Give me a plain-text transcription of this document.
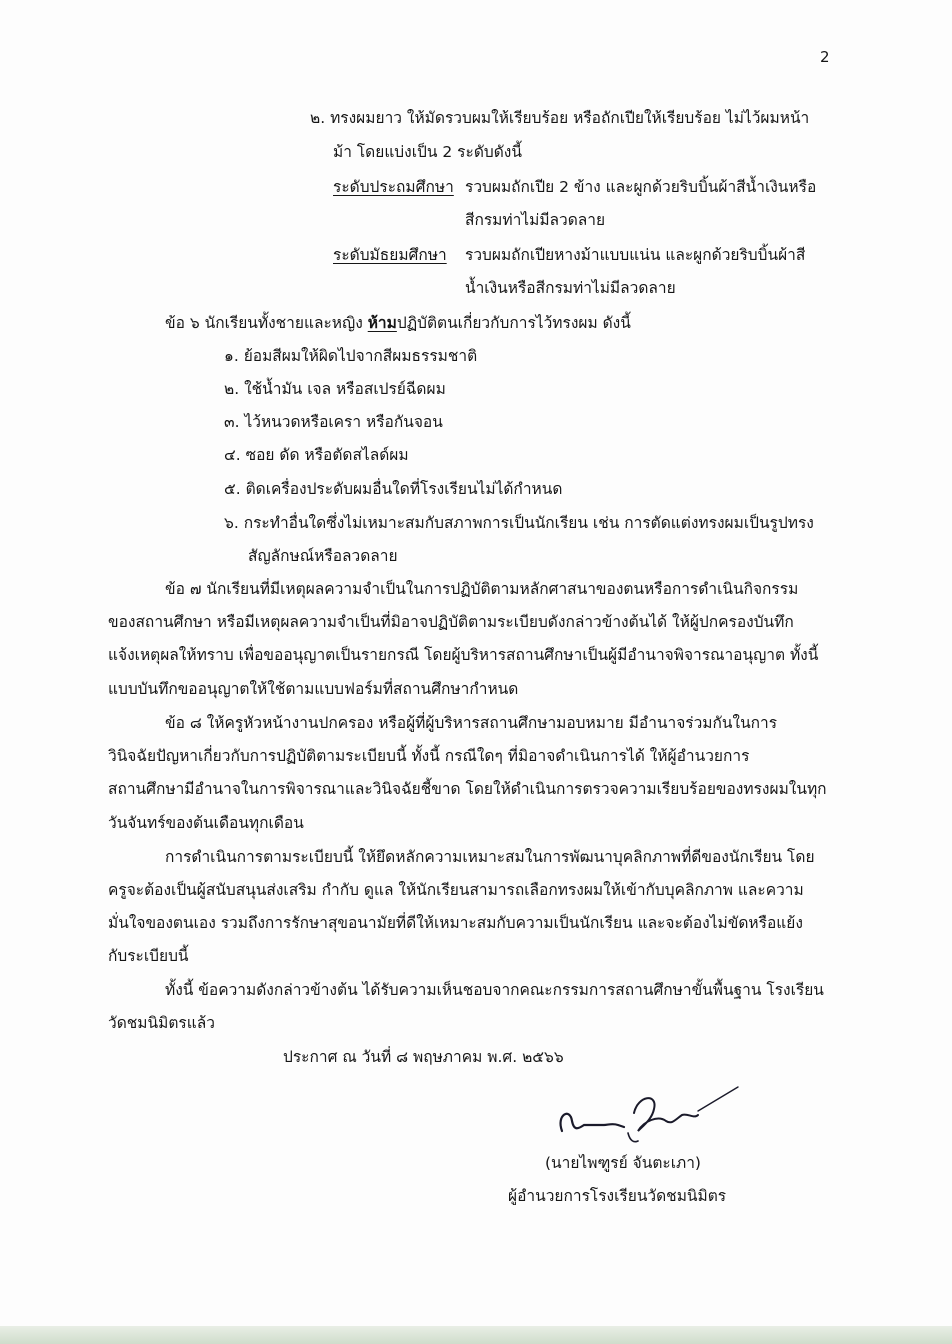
2
๒. ทรงผมยาว ให้มัดรวบผมให้เรียบร้อย หรือถักเปียให้เรียบร้อย ไม่ไว้ผมหน้า
ม้า โดยแบ่งเป็น 2 ระดับดังนี้
ระดับประถมศึกษา รวบผมถักเปีย 2 ข้าง และผูกด้วยริบบิ้นผ้าสีน้ำเงินหรือ
สีกรมท่าไม่มีลวดลาย
ระดับมัธยมศึกษา รวบผมถักเปียหางม้าแบบแน่น และผูกด้วยริบบิ้นผ้าสี
น้ำเงินหรือสีกรมท่าไม่มีลวดลาย
ข้อ ๖ นักเรียนทั้งชายและหญิง ห้ามปฏิบัติตนเกี่ยวกับการไว้ทรงผม ดังนี้
๑. ย้อมสีผมให้ผิดไปจากสีผมธรรมชาติ
๒. ใช้น้ำมัน เจล หรือสเปรย์ฉีดผม
๓. ไว้หนวดหรือเครา หรือกันจอน
๔. ซอย ดัด หรือตัดสไลด์ผม
๕. ติดเครื่องประดับผมอื่นใดที่โรงเรียนไม่ได้กำหนด
๖. กระทำอื่นใดซึ่งไม่เหมาะสมกับสภาพการเป็นนักเรียน เช่น การตัดแต่งทรงผมเป็นรูปทรง
สัญลักษณ์หรือลวดลาย
ข้อ ๗ นักเรียนที่มีเหตุผลความจำเป็นในการปฏิบัติตามหลักศาสนาของตนหรือการดำเนินกิจกรรม
ของสถานศึกษา หรือมีเหตุผลความจำเป็นที่มิอาจปฏิบัติตามระเบียบดังกล่าวข้างต้นได้ ให้ผู้ปกครองบันทึก
แจ้งเหตุผลให้ทราบ เพื่อขออนุญาตเป็นรายกรณี โดยผู้บริหารสถานศึกษาเป็นผู้มีอำนาจพิจารณาอนุญาต ทั้งนี้
แบบบันทึกขออนุญาตให้ใช้ตามแบบฟอร์มที่สถานศึกษากำหนด
ข้อ ๘ ให้ครูหัวหน้างานปกครอง หรือผู้ที่ผู้บริหารสถานศึกษามอบหมาย มีอำนาจร่วมกันในการ
วินิจฉัยปัญหาเกี่ยวกับการปฏิบัติตามระเบียบนี้ ทั้งนี้ กรณีใดๆ ที่มิอาจดำเนินการได้ ให้ผู้อำนวยการ
สถานศึกษามีอำนาจในการพิจารณาและวินิจฉัยชี้ขาด โดยให้ดำเนินการตรวจความเรียบร้อยของทรงผมในทุก
วันจันทร์ของต้นเดือนทุกเดือน
การดำเนินการตามระเบียบนี้ ให้ยึดหลักความเหมาะสมในการพัฒนาบุคลิกภาพที่ดีของนักเรียน โดย
ครูจะต้องเป็นผู้สนับสนุนส่งเสริม กำกับ ดูแล ให้นักเรียนสามารถเลือกทรงผมให้เข้ากับบุคลิกภาพ และความ
มั่นใจของตนเอง รวมถึงการรักษาสุขอนามัยที่ดีให้เหมาะสมกับความเป็นนักเรียน และจะต้องไม่ขัดหรือแย้ง
กับระเบียบนี้
ทั้งนี้ ข้อความดังกล่าวข้างต้น ได้รับความเห็นชอบจากคณะกรรมการสถานศึกษาขั้นพื้นฐาน โรงเรียน
วัดชมนิมิตรแล้ว
ประกาศ ณ วันที่ ๘ พฤษภาคม พ.ศ. ๒๕๖๖
(นายไพฑูรย์ จันตะเภา)
ผู้อำนวยการโรงเรียนวัดชมนิมิตร
